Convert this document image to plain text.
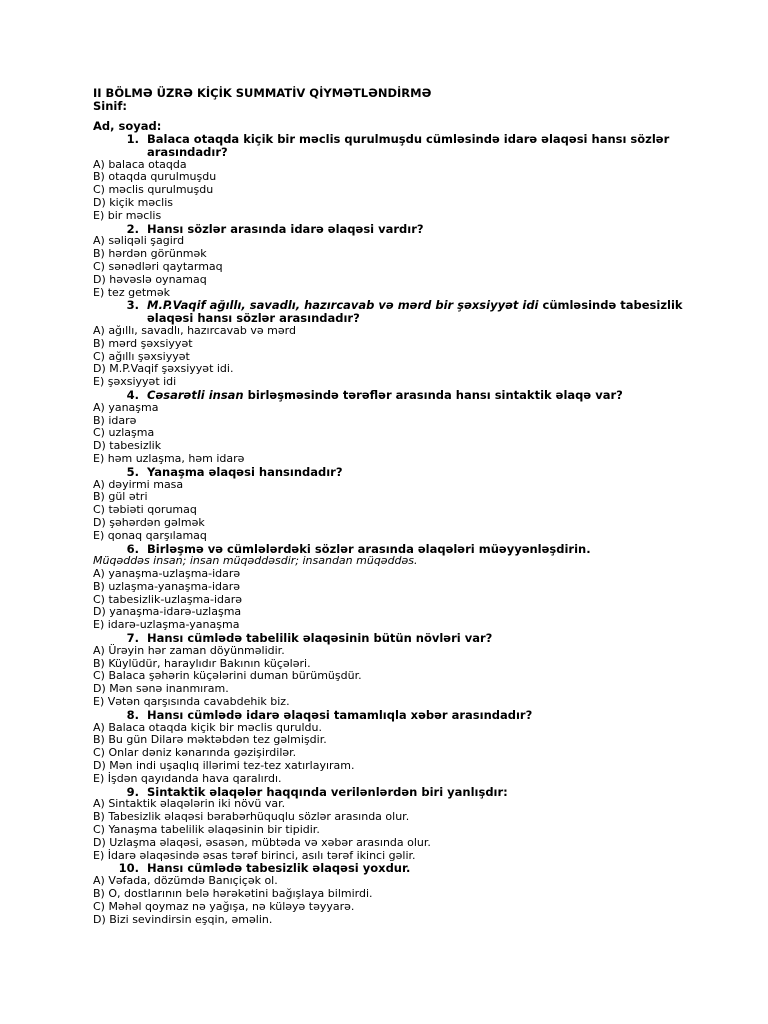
II BÖLMƏ ÜZRƏ KİÇİK SUMMATİV QİYMƏTLƏNDİRMƏ

Sinif:

Ad, soyad:

1. Balaca otaqda kiçik bir məclis qurulmuşdu cümləsində idarə əlaqəsi hansı sözlər arasındadır?

A) balaca otaqda

B) otaqda qurulmuşdu

C) məclis qurulmuşdu

D) kiçik məclis

E) bir məclis

2. Hansı sözlər arasında idarə əlaqəsi vardır?

A) səliqəli şagird

B) hərdən görünmək

C) sənədləri qaytarmaq

D) həvəslə oynamaq

E) tez getmək

3. M.P.Vaqif ağıllı, savadlı, hazırcavab və mərd bir şəxsiyyət idi cümləsində tabesizlik əlaqəsi hansı sözlər arasındadır?

A) ağıllı, savadlı, hazırcavab və mərd

B) mərd şəxsiyyət

C) ağıllı şəxsiyyət

D) M.P.Vaqif şəxsiyyət idi.

E) şəxsiyyət idi

4. Cəsarətli insan birləşməsində tərəflər arasında hansı sintaktik əlaqə var?

A) yanaşma

B) idarə

C) uzlaşma

D) tabesizlik

E) həm uzlaşma, həm idarə

5. Yanaşma əlaqəsi hansındadır?

A) dəyirmi masa

B) gül ətri

C) təbiəti qorumaq

D) şəhərdən gəlmək

E) qonaq qarşılamaq

6. Birləşmə və cümlələrdəki sözlər arasında əlaqələri müəyyənləşdirin.

Müqəddəs insan; insan müqəddəsdir; insandan müqəddəs.

A) yanaşma-uzlaşma-idarə

B) uzlaşma-yanaşma-idarə

C) tabesizlik-uzlaşma-idarə

D) yanaşma-idarə-uzlaşma

E) idarə-uzlaşma-yanaşma

7. Hansı cümlədə tabelilik əlaqəsinin bütün növləri var?

A) Ürəyin hər zaman döyünməlidir.

B) Küylüdür, haraylıdır Bakının küçələri.

C) Balaca şəhərin küçələrini duman bürümüşdür.

D) Mən sənə inanmıram.

E) Vətən qarşısında cavabdehik biz.

8. Hansı cümlədə idarə əlaqəsi tamamlıqla xəbər arasındadır?

A) Balaca otaqda kiçik bir məclis quruldu.

B) Bu gün Dilarə məktəbdən tez gəlmişdir.

C) Onlar dəniz kənarında gəzişirdilər.

D) Mən indi uşaqlıq illərimi tez-tez xatırlayıram.

E) İşdən qayıdanda hava qaralırdı.

9. Sintaktik əlaqələr haqqında verilənlərdən biri yanlışdır:

A) Sintaktik əlaqələrin iki növü var.

B) Tabesizlik əlaqəsi bərabərhüquqlu sözlər arasında olur.

C) Yanaşma tabelilik əlaqəsinin bir tipidir.

D) Uzlaşma əlaqəsi, əsasən, mübtəda və xəbər arasında olur.

E) İdarə əlaqəsində əsas tərəf birinci, asılı tərəf ikinci gəlir.

10. Hansı cümlədə tabesizlik əlaqəsi yoxdur.

A) Vəfada, dözümdə Banıçiçək ol.

B) O, dostlarının belə hərəkətini bağışlaya bilmirdi.

C) Məhəl qoymaz nə yağışa, nə küləyə təyyarə.

D) Bizi sevindirsin eşqin, əməlin.
